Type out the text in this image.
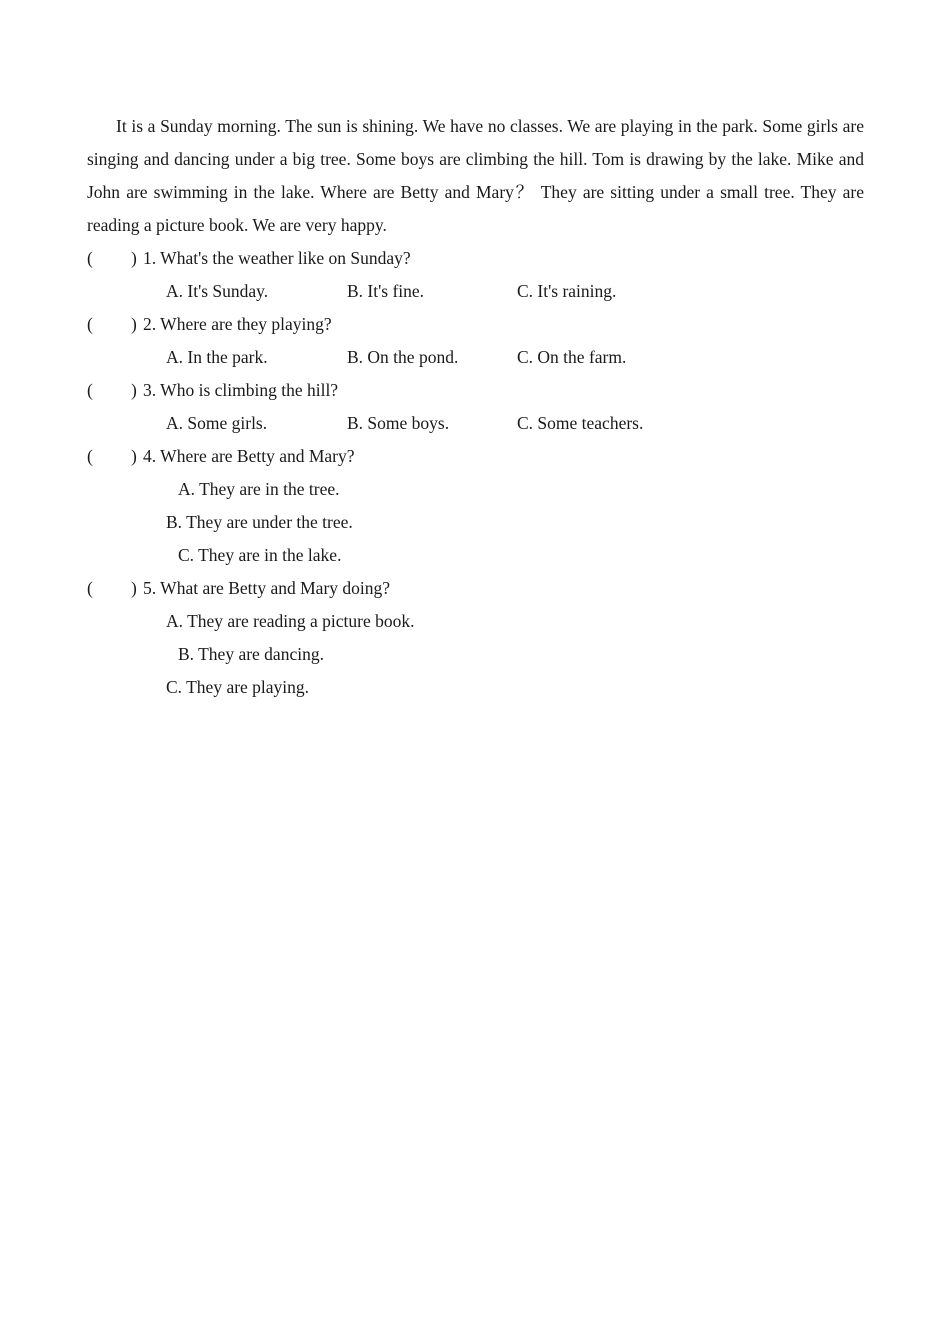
It is a Sunday morning. The sun is shining. We have no classes. We are playing in the park. Some girls are singing and dancing under a big tree. Some boys are climbing the hill. Tom is drawing by the lake. Mike and John are swimming in the lake. Where are Betty and Mary？ They are sitting under a small tree. They are reading a picture book. We are very happy.

( ) 1. What's the weather like on Sunday?
A. It's Sunday.	B. It's fine.	C. It's raining.
( ) 2. Where are they playing?
A. In the park.	B. On the pond.	C. On the farm.
( ) 3. Who is climbing the hill?
A. Some girls.	B. Some boys.	C. Some teachers.
( ) 4. Where are Betty and Mary?
A. They are in the tree.
B. They are under the tree.
C. They are in the lake.
( ) 5. What are Betty and Mary doing?
A. They are reading a picture book.
B. They are dancing.
C. They are playing.
